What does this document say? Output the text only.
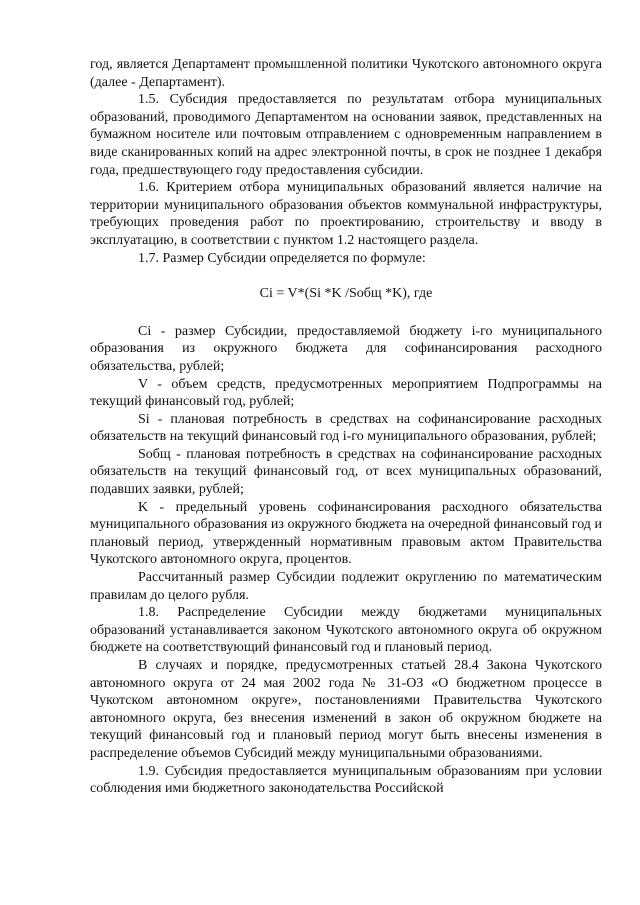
год, является Департамент промышленной политики Чукотского автономного округа (далее - Департамент).

1.5. Субсидия предоставляется по результатам отбора муниципальных образований, проводимого Департаментом на основании заявок, представленных на бумажном носителе или почтовым отправлением с одновременным направлением в виде сканированных копий на адрес электронной почты, в срок не позднее 1 декабря года, предшествующего году предоставления субсидии.

1.6. Критерием отбора муниципальных образований является наличие на территории муниципального образования объектов коммунальной инфраструктуры, требующих проведения работ по проектированию, строительству и вводу в эксплуатацию, в соответствии с пунктом 1.2 настоящего раздела.

1.7. Размер Субсидии определяется по формуле:

Ci = V*(Si *K /Sобщ *K), где

Ci - размер Субсидии, предоставляемой бюджету i-го муниципального образования из окружного бюджета для софинансирования расходного обязательства, рублей;

V - объем средств, предусмотренных мероприятием Подпрограммы на текущий финансовый год, рублей;

Si - плановая потребность в средствах на софинансирование расходных обязательств на текущий финансовый год i-го муниципального образования, рублей;

Sобщ - плановая потребность в средствах на софинансирование расходных обязательств на текущий финансовый год, от всех муниципальных образований, подавших заявки, рублей;

K - предельный уровень софинансирования расходного обязательства муниципального образования из окружного бюджета на очередной финансовый год и плановый период, утвержденный нормативным правовым актом Правительства Чукотского автономного округа, процентов.

Рассчитанный размер Субсидии подлежит округлению по математическим правилам до целого рубля.

1.8. Распределение Субсидии между бюджетами муниципальных образований устанавливается законом Чукотского автономного округа об окружном бюджете на соответствующий финансовый год и плановый период.

В случаях и порядке, предусмотренных статьей 28.4 Закона Чукотского автономного округа от 24 мая 2002 года № 31-ОЗ «О бюджетном процессе в Чукотском автономном округе», постановлениями Правительства Чукотского автономного округа, без внесения изменений в закон об окружном бюджете на текущий финансовый год и плановый период могут быть внесены изменения в распределение объемов Субсидий между муниципальными образованиями.

1.9. Субсидия предоставляется муниципальным образованиям при условии соблюдения ими бюджетного законодательства Российской
